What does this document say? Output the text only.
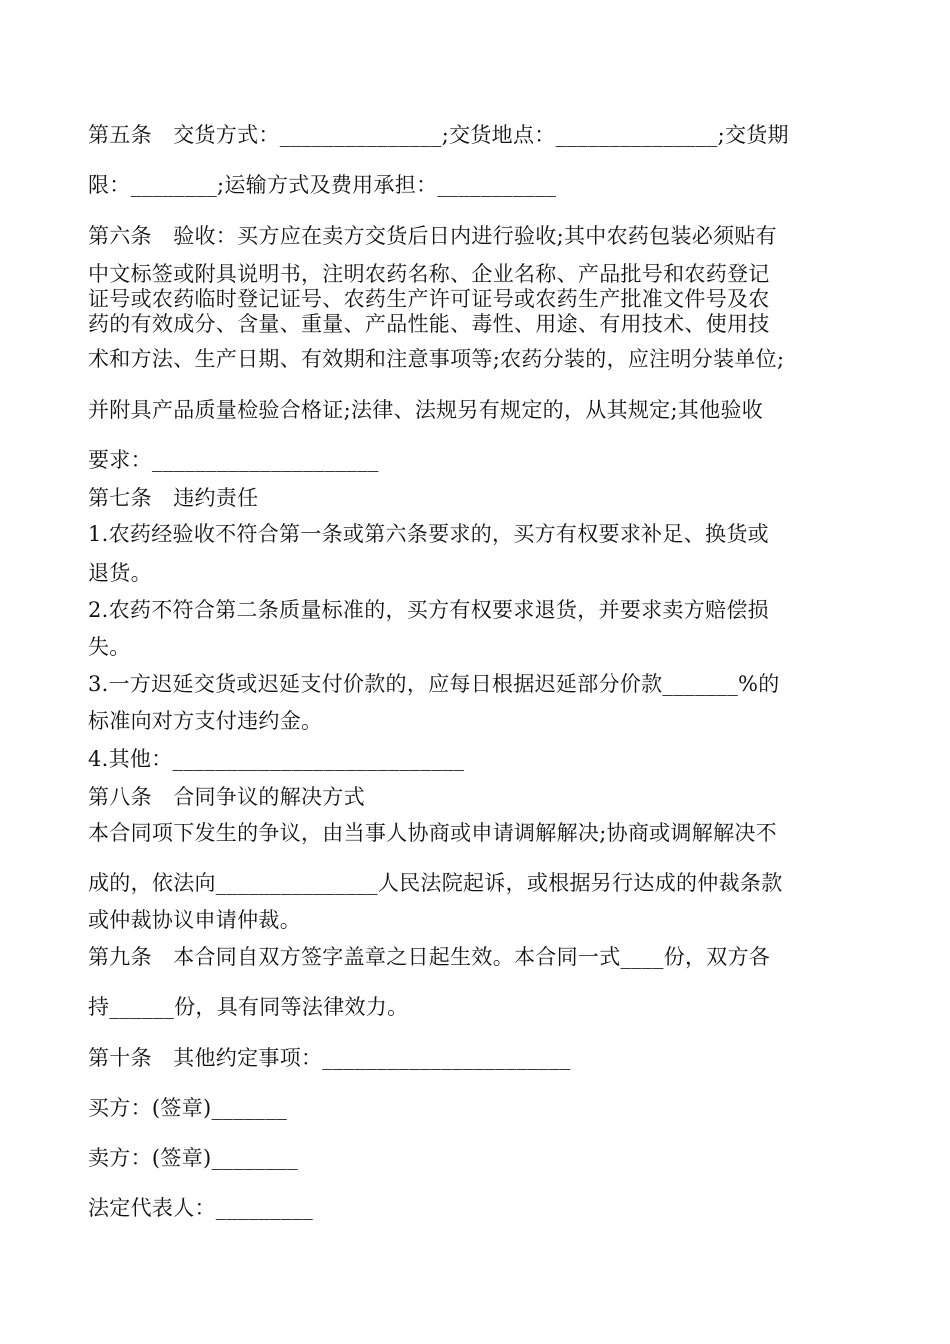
第五条　交货方式：_______________;交货地点：_______________;交货期
限：________;运输方式及费用承担：___________
第六条　验收：买方应在卖方交货后日内进行验收;其中农药包装必须贴有
中文标签或附具说明书，注明农药名称、企业名称、产品批号和农药登记
证号或农药临时登记证号、农药生产许可证号或农药生产批准文件号及农
药的有效成分、含量、重量、产品性能、毒性、用途、有用技术、使用技
术和方法、生产日期、有效期和注意事项等;农药分装的，应注明分装单位;
并附具产品质量检验合格证;法律、法规另有规定的，从其规定;其他验收
要求：_____________________
第七条　违约责任
1.农药经验收不符合第一条或第六条要求的，买方有权要求补足、换货或
退货。
2.农药不符合第二条质量标准的，买方有权要求退货，并要求卖方赔偿损
失。
3.一方迟延交货或迟延支付价款的，应每日根据迟延部分价款_______%的
标准向对方支付违约金。
4.其他：___________________________
第八条　合同争议的解决方式
本合同项下发生的争议，由当事人协商或申请调解解决;协商或调解解决不
成的，依法向_______________人民法院起诉，或根据另行达成的仲裁条款
或仲裁协议申请仲裁。
第九条　本合同自双方签字盖章之日起生效。本合同一式____份，双方各
持______份，具有同等法律效力。
第十条　其他约定事项：_______________________
买方：(签章)_______
卖方：(签章)________
法定代表人：_________
